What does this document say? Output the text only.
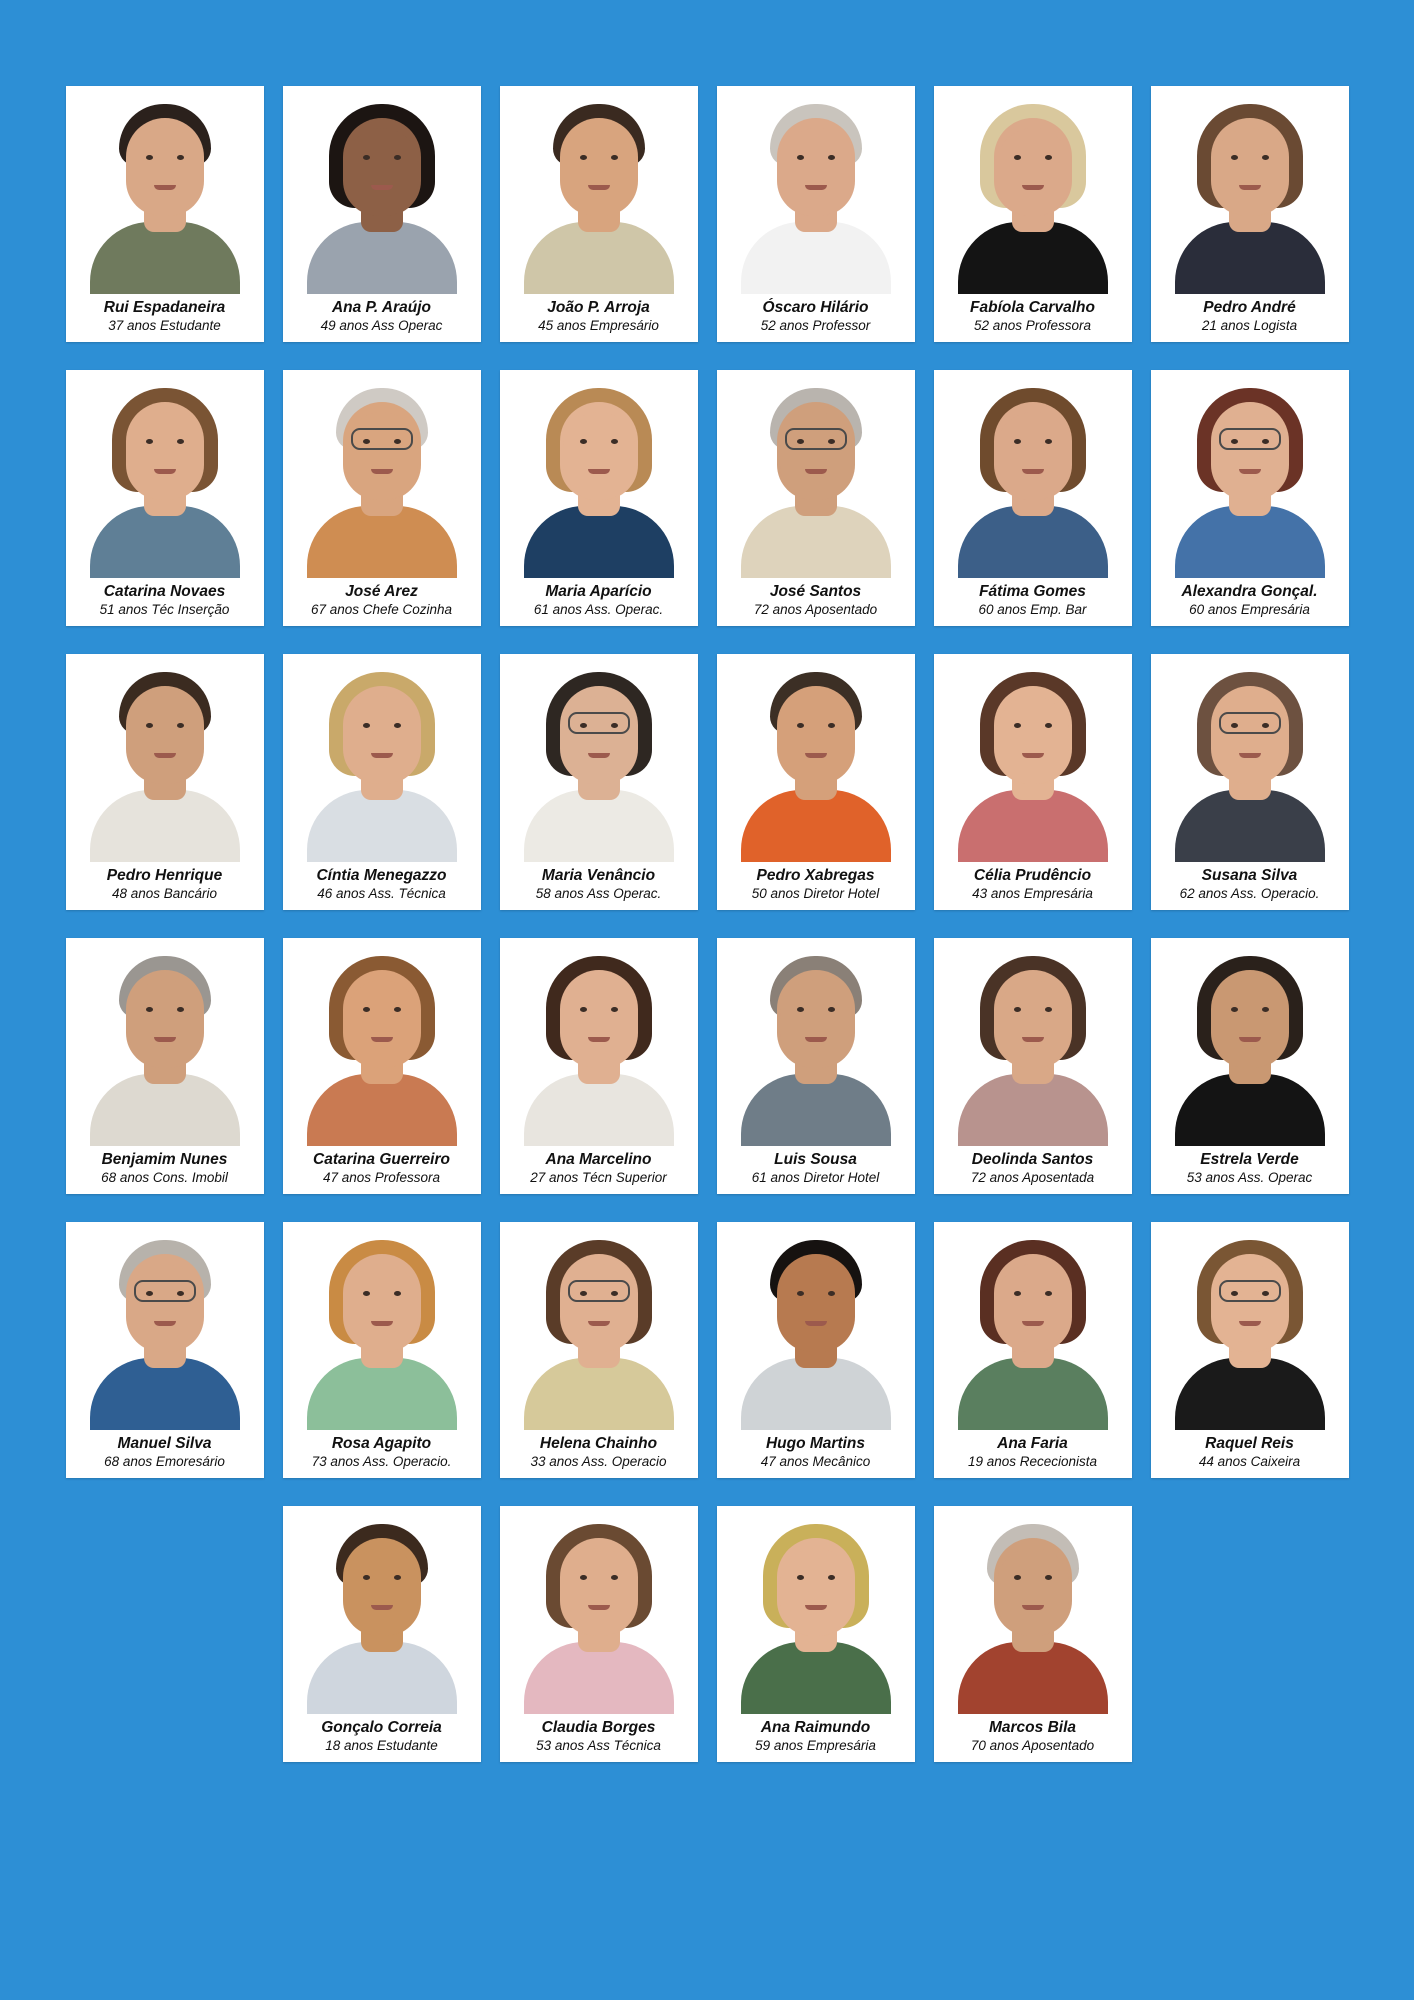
Rui Espadaneira
37 anos Estudante
Ana P. Araújo
49 anos Ass Operac
João P. Arroja
45 anos Empresário
Óscaro Hilário
52 anos Professor
Fabíola Carvalho
52 anos Professora
Pedro André
21 anos Logista
Catarina Novaes
51 anos Téc Inserção
José Arez
67 anos Chefe Cozinha
Maria Aparício
61 anos Ass. Operac.
José Santos
72 anos Aposentado
Fátima Gomes
60 anos Emp. Bar
Alexandra Gonçal.
60 anos Empresária
Pedro Henrique
48 anos Bancário
Cíntia Menegazzo
46 anos Ass. Técnica
Maria Venâncio
58 anos Ass Operac.
Pedro Xabregas
50 anos Diretor Hotel
Célia Prudêncio
43 anos Empresária
Susana Silva
62 anos Ass. Operacio.
Benjamim Nunes
68 anos Cons. Imobil
Catarina Guerreiro
47 anos Professora
Ana Marcelino
27 anos Técn Superior
Luis Sousa
61 anos Diretor Hotel
Deolinda Santos
72 anos Aposentada
Estrela Verde
53 anos Ass. Operac
Manuel Silva
68 anos Emoresário
Rosa Agapito
73 anos Ass. Operacio.
Helena Chainho
33 anos Ass. Operacio
Hugo Martins
47 anos Mecânico
Ana Faria
19 anos Rececionista
Raquel Reis
44 anos Caixeira
Gonçalo Correia
18 anos Estudante
Claudia Borges
53 anos Ass Técnica
Ana Raimundo
59 anos Empresária
Marcos Bila
70 anos Aposentado
